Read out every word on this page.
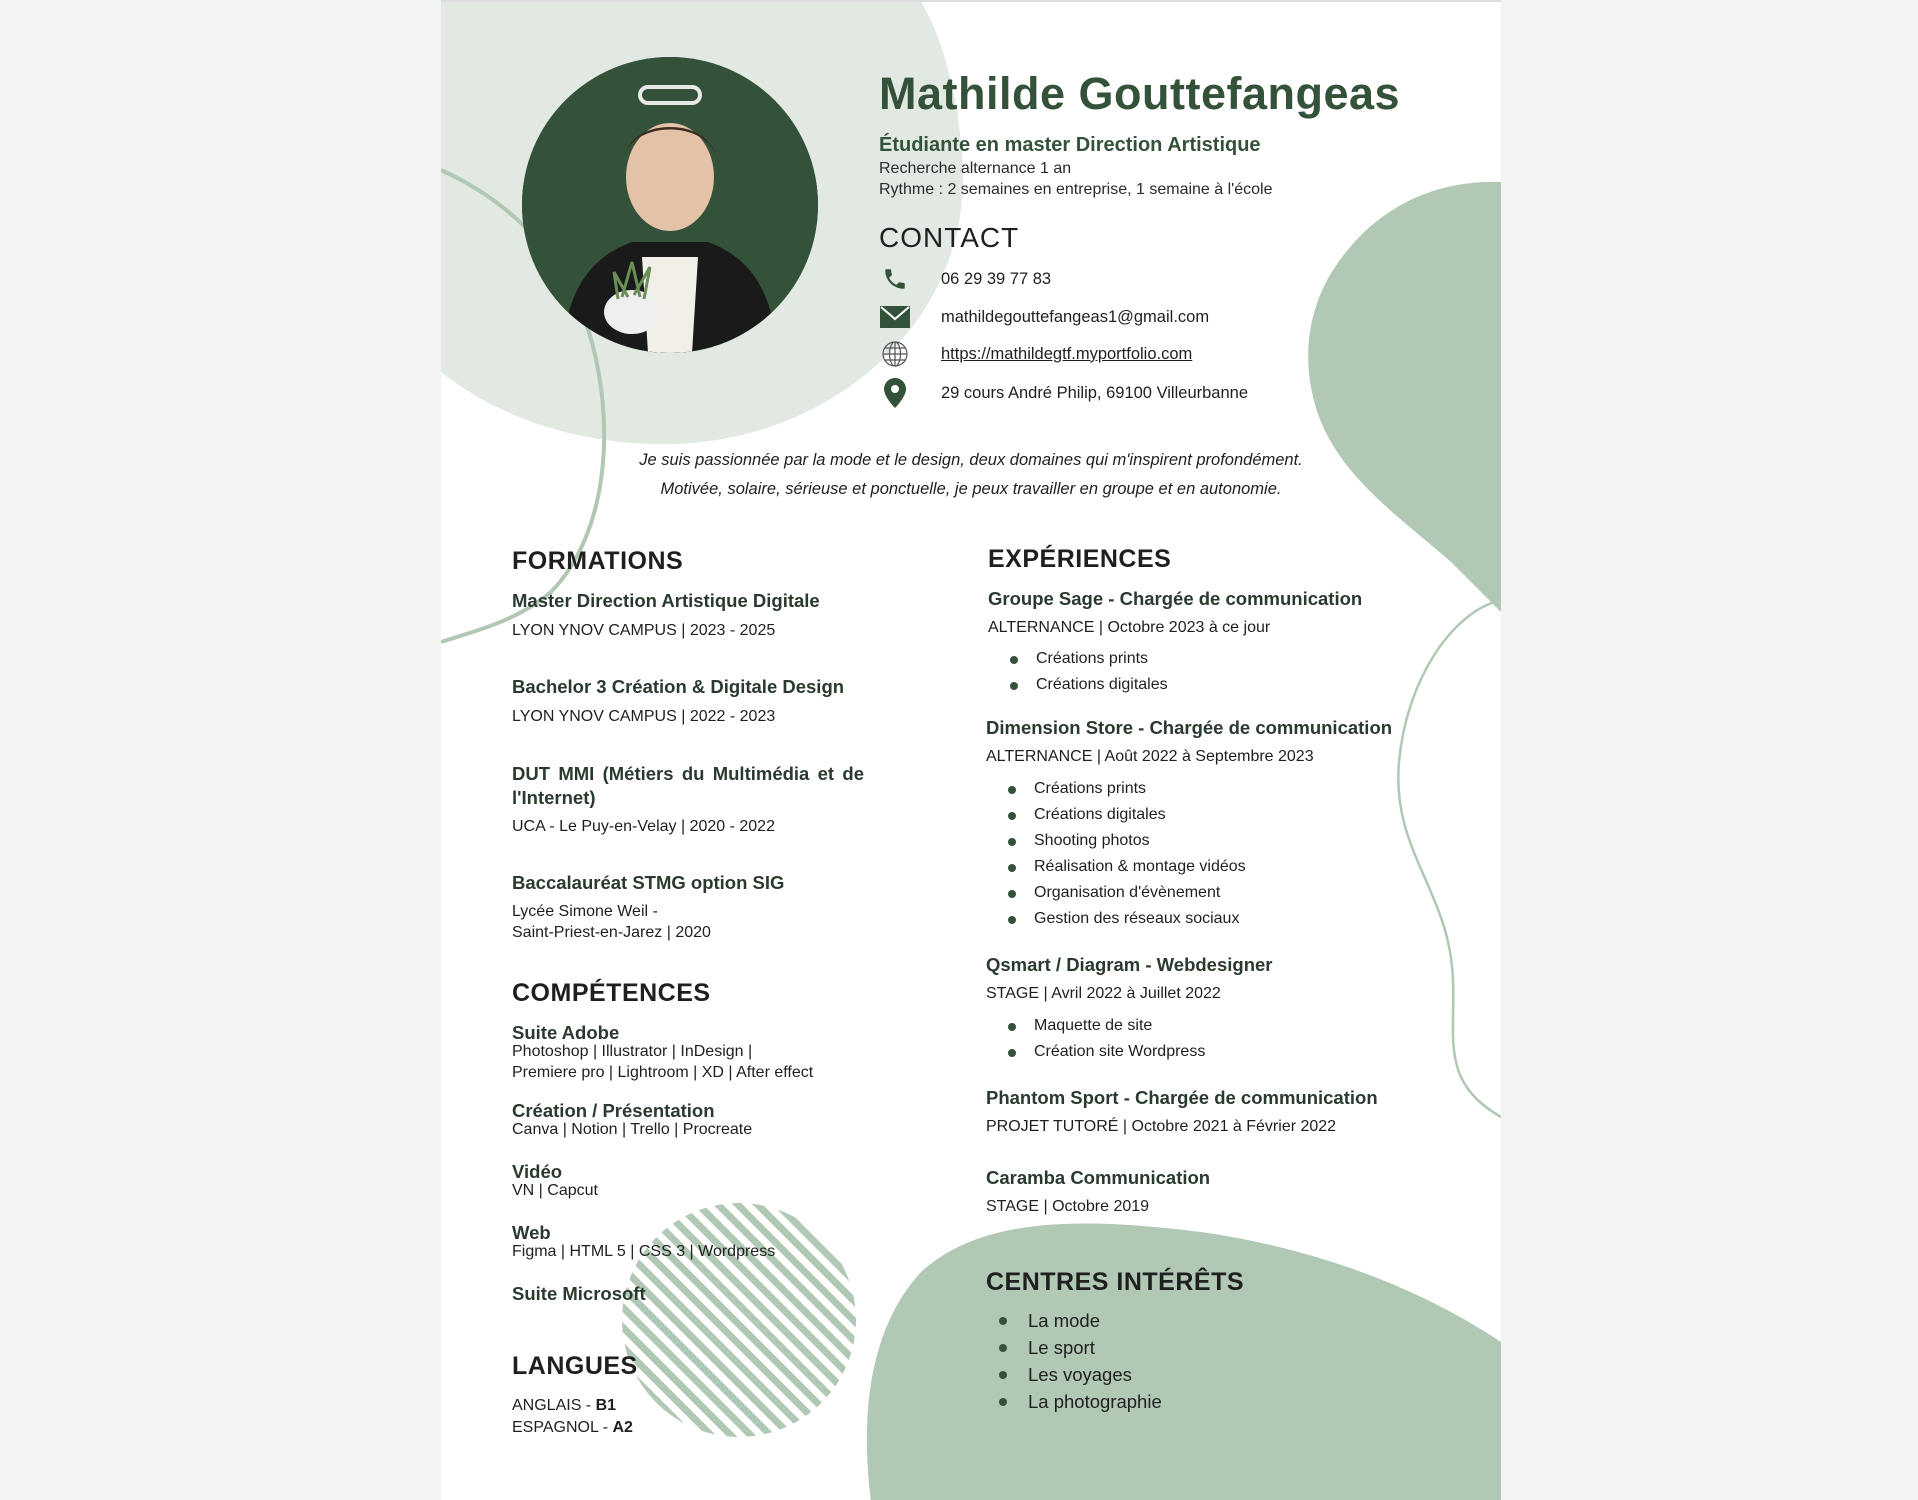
Mathilde Gouttefangeas
Étudiante en master Direction Artistique
Recherche alternance 1 an
Rythme : 2 semaines en entreprise, 1 semaine à l'école
CONTACT
06 29 39 77 83
mathildegouttefangeas1@gmail.com
https://mathildegtf.myportfolio.com
29 cours André Philip, 69100 Villeurbanne
Je suis passionnée par la mode et le design, deux domaines qui m'inspirent profondément.
Motivée, solaire, sérieuse et ponctuelle, je peux travailler en groupe et en autonomie.
FORMATIONS
Master Direction Artistique Digitale
LYON YNOV CAMPUS | 2023 - 2025
Bachelor 3 Création & Digitale Design
LYON YNOV CAMPUS | 2022 - 2023
DUT MMI (Métiers du Multimédia et de l'Internet)
UCA - Le Puy-en-Velay | 2020 - 2022
Baccalauréat STMG option SIG
Lycée Simone Weil -
Saint-Priest-en-Jarez | 2020
COMPÉTENCES
Suite Adobe
Photoshop | Illustrator | InDesign |
Premiere pro | Lightroom | XD | After effect
Création / Présentation
Canva | Notion | Trello | Procreate
Vidéo
VN | Capcut
Web
Figma | HTML 5 | CSS 3 | Wordpress
Suite Microsoft
LANGUES
ANGLAIS - B1
ESPAGNOL - A2
EXPÉRIENCES
Groupe Sage - Chargée de communication
ALTERNANCE | Octobre 2023 à ce jour
Créations prints
Créations digitales
Dimension Store - Chargée de communication
ALTERNANCE | Août 2022 à Septembre 2023
Créations prints
Créations digitales
Shooting photos
Réalisation & montage vidéos
Organisation d'évènement
Gestion des réseaux sociaux
Qsmart / Diagram - Webdesigner
STAGE | Avril 2022 à Juillet 2022
Maquette de site
Création site Wordpress
Phantom Sport - Chargée de communication
PROJET TUTORÉ | Octobre 2021 à Février 2022
Caramba Communication
STAGE | Octobre 2019
CENTRES INTÉRÊTS
La mode
Le sport
Les voyages
La photographie
